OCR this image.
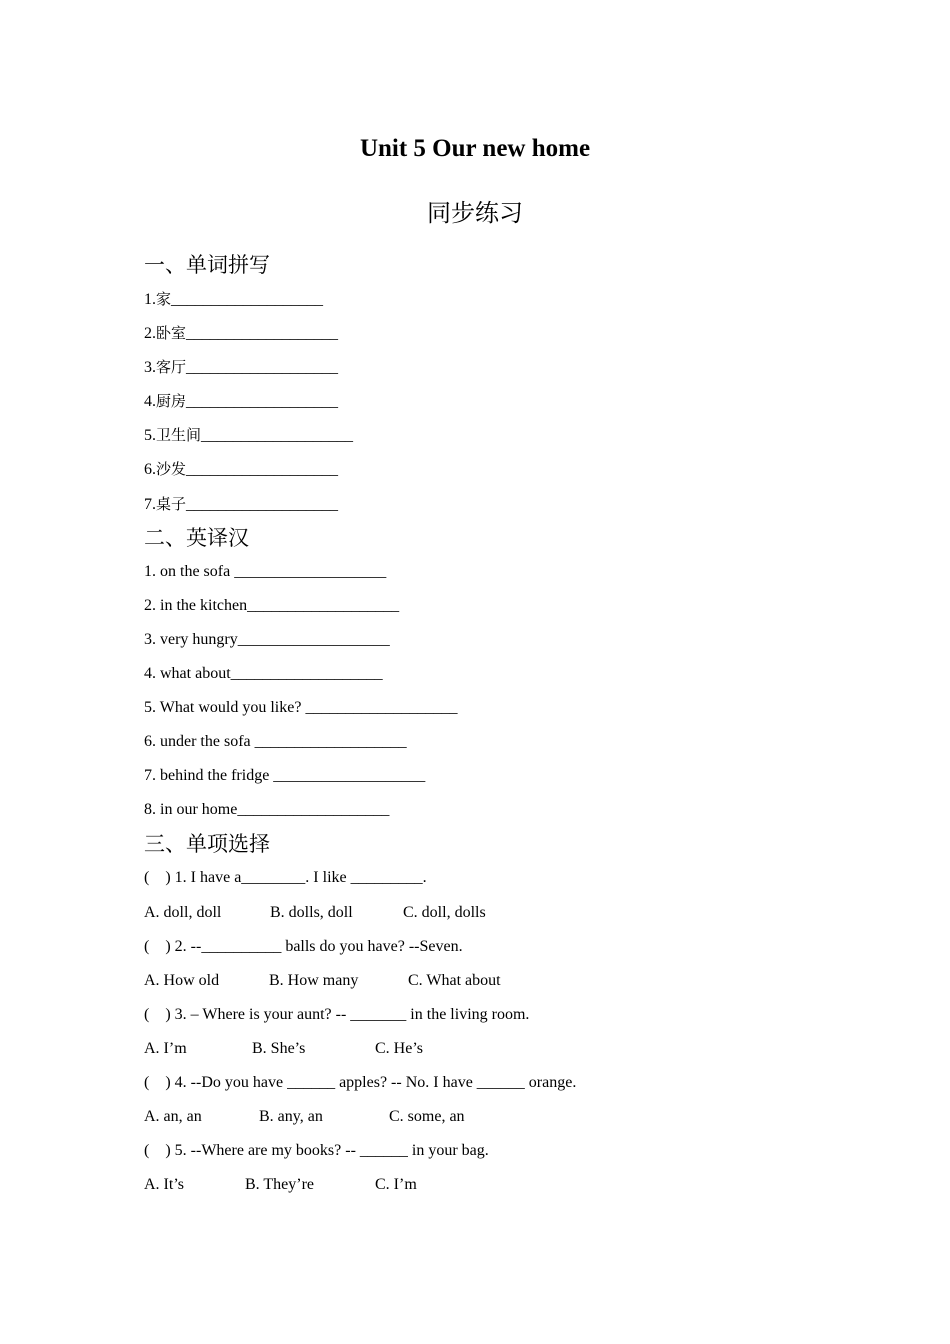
Unit 5 Our new home
同步练习
一、单词拼写
1.家___________________
2.卧室___________________
3.客厅___________________
4.厨房___________________
5.卫生间___________________
6.沙发___________________
7.桌子___________________
二、英译汉
1. on the sofa ___________________
2. in the kitchen___________________
3. very hungry___________________
4. what about___________________
5. What would you like? ___________________
6. under the sofa ___________________
7. behind the fridge ___________________
8. in our home___________________
三、单项选择
(    ) 1. I have a________. I like _________.
A. doll, doll	B. dolls, doll	C. doll, dolls
(    ) 2. --__________ balls do you have? --Seven.
A. How old	B. How many	C. What about
(    ) 3. – Where is your aunt? -- _______ in the living room.
A. I’m	B. She’s	C. He’s
(    ) 4. --Do you have ______ apples? -- No. I have ______ orange.
A. an, an	B. any, an	C. some, an
(    ) 5. --Where are my books? -- ______ in your bag.
A. It’s	B. They’re	C. I’m
